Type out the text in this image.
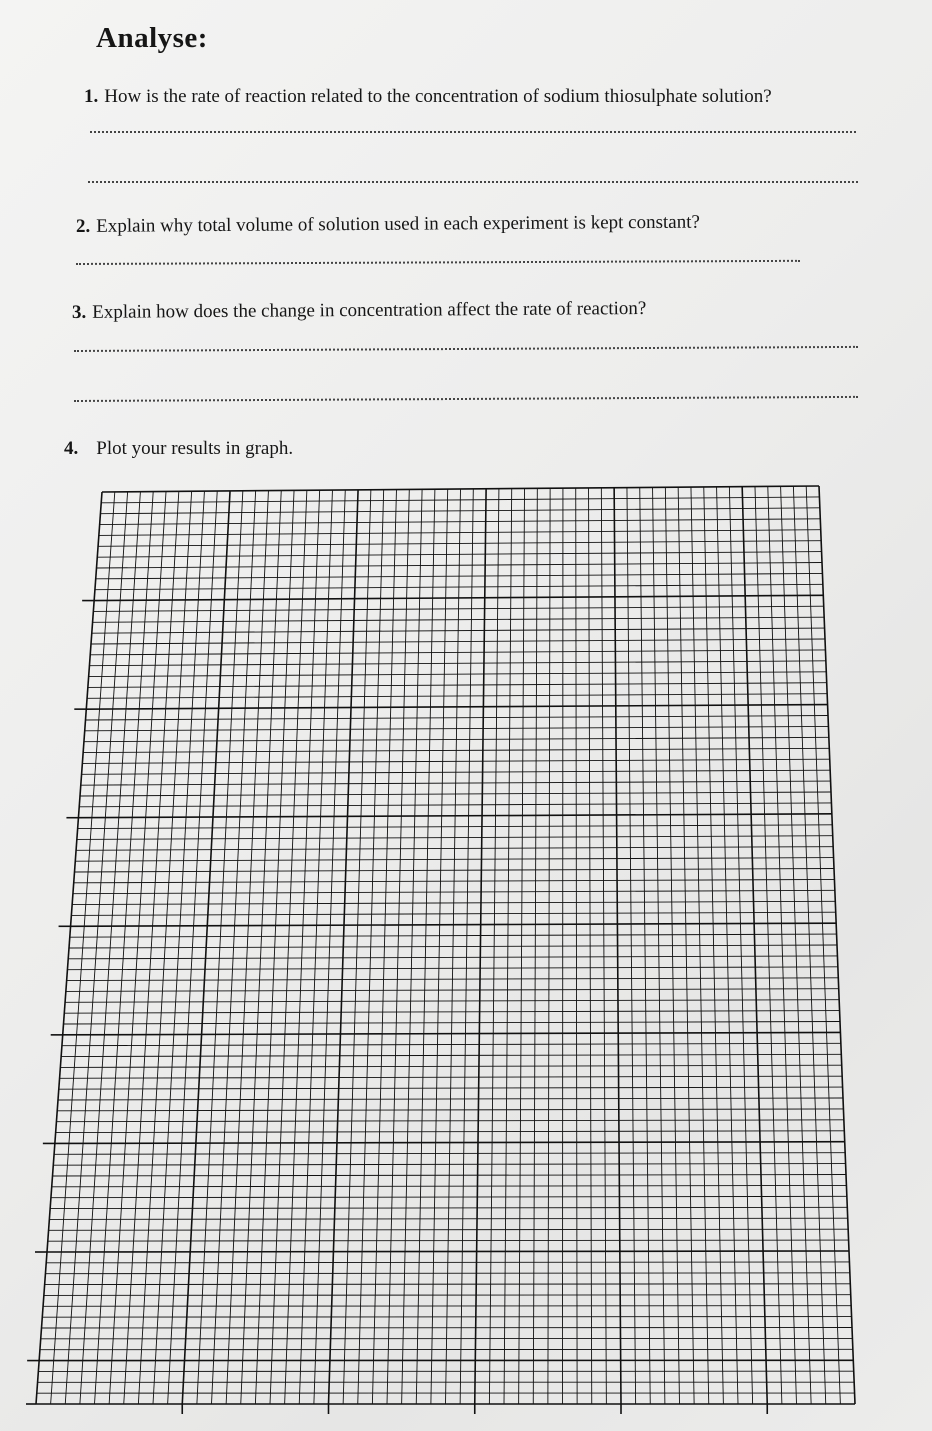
Analyse:
1. How is the rate of reaction related to the concentration of sodium thiosulphate solution?
2. Explain why total volume of solution used in each experiment is kept constant?
3. Explain how does the change in concentration affect the rate of reaction?
4. Plot your results in graph.
